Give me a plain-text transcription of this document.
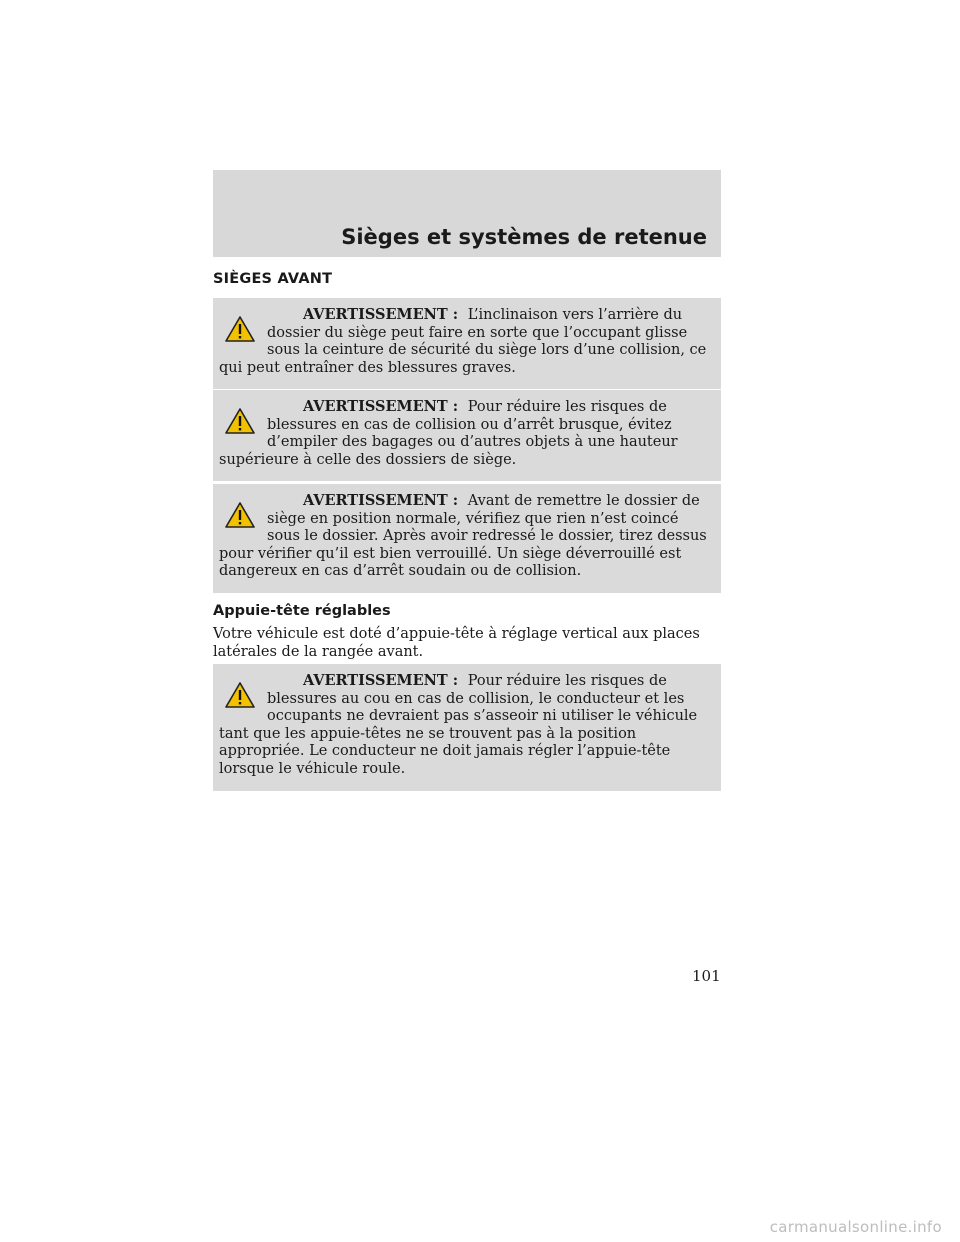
Sièges et systèmes de retenue
SIÈGES AVANT
AVERTISSEMENT :  L’inclinaison vers l’arrière du dossier du siège peut faire en sorte que l’occupant glisse sous la ceinture de sécurité du siège lors d’une collision, ce qui peut entraîner des blessures graves.
AVERTISSEMENT :  Pour réduire les risques de blessures en cas de collision ou d’arrêt brusque, évitez d’empiler des bagages ou d’autres objets à une hauteur supérieure à celle des dossiers de siège.
AVERTISSEMENT :  Avant de remettre le dossier de siège en position normale, vérifiez que rien n’est coincé sous le dossier. Après avoir redressé le dossier, tirez dessus pour vérifier qu’il est bien verrouillé. Un siège déverrouillé est dangereux en cas d’arrêt soudain ou de collision.
Appuie-tête réglables
Votre véhicule est doté d’appuie-tête à réglage vertical aux places latérales de la rangée avant.
AVERTISSEMENT :  Pour réduire les risques de blessures au cou en cas de collision, le conducteur et les occupants ne devraient pas s’asseoir ni utiliser le véhicule tant que les appuie-têtes ne se trouvent pas à la position appropriée. Le conducteur ne doit jamais régler l’appuie-tête lorsque le véhicule roule.
101
carmanualsonline.info
